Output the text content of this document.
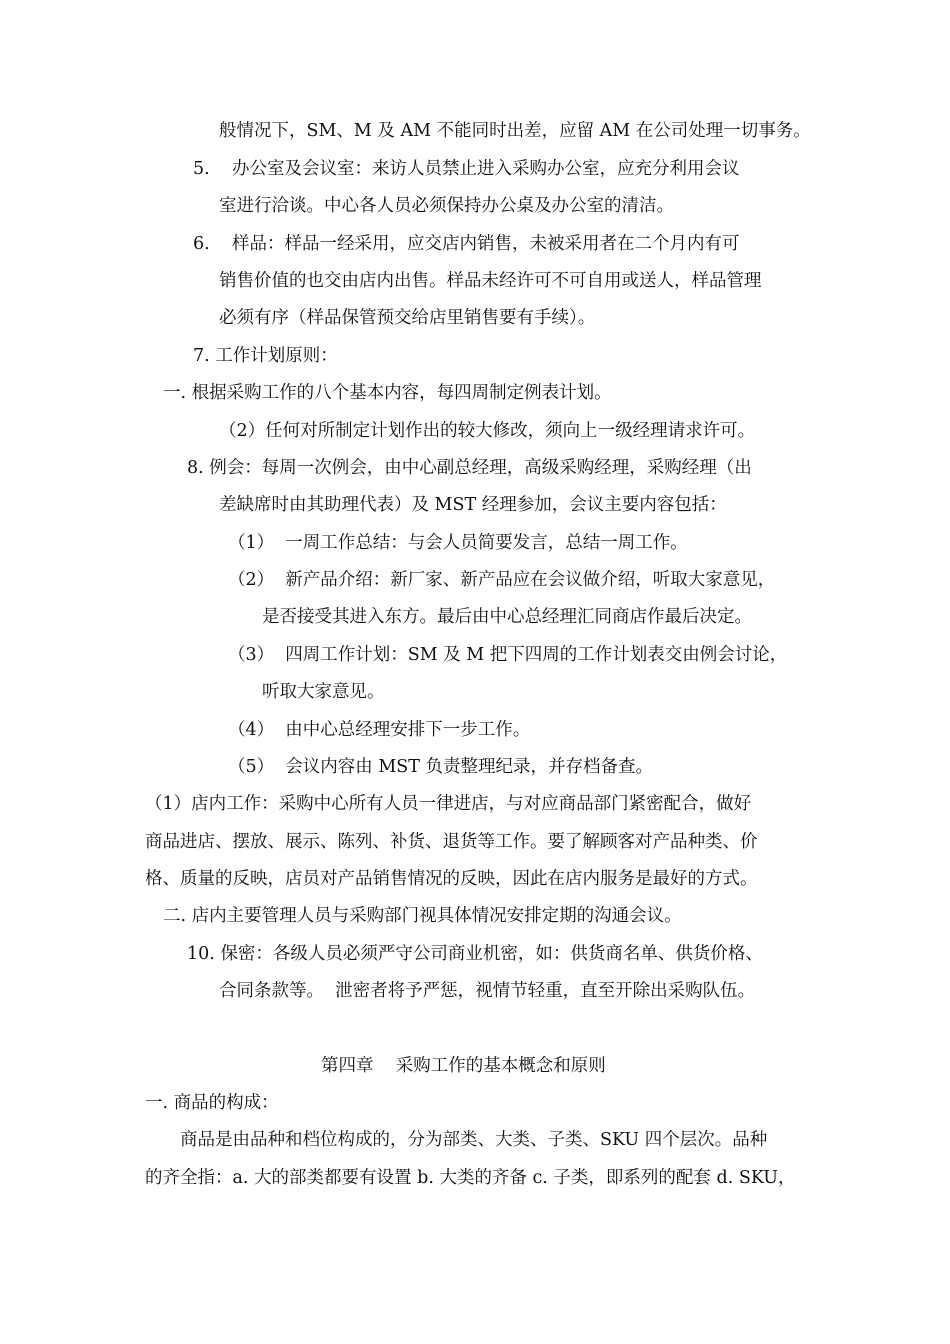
般情况下，SM、M 及 AM 不能同时出差，应留 AM 在公司处理一切事务。
5.    办公室及会议室：来访人员禁止进入采购办公室，应充分利用会议
室进行洽谈。中心各人员必须保持办公桌及办公室的清洁。
6.    样品：样品一经采用，应交店内销售，未被采用者在二个月内有可
销售价值的也交由店内出售。样品未经许可不可自用或送人，样品管理
必须有序（样品保管预交给店里销售要有手续）。
7. 工作计划原则：
一. 根据采购工作的八个基本内容，每四周制定例表计划。
（2）任何对所制定计划作出的较大修改，须向上一级经理请求许可。
8. 例会：每周一次例会，由中心副总经理，高级采购经理，采购经理（出
差缺席时由其助理代表）及 MST 经理参加，会议主要内容包括：
（1）  一周工作总结：与会人员简要发言，总结一周工作。
（2）  新产品介绍：新厂家、新产品应在会议做介绍，听取大家意见，
是否接受其进入东方。最后由中心总经理汇同商店作最后决定。
（3）  四周工作计划：SM 及 M 把下四周的工作计划表交由例会讨论，
听取大家意见。
（4）  由中心总经理安排下一步工作。
（5）  会议内容由 MST 负责整理纪录，并存档备查。
（1）店内工作：采购中心所有人员一律进店，与对应商品部门紧密配合，做好
商品进店、摆放、展示、陈列、补货、退货等工作。要了解顾客对产品种类、价
格、质量的反映，店员对产品销售情况的反映，因此在店内服务是最好的方式。
二. 店内主要管理人员与采购部门视具体情况安排定期的沟通会议。
10. 保密：各级人员必须严守公司商业机密，如：供货商名单、供货价格、
合同条款等。  泄密者将予严惩，视情节轻重，直至开除出采购队伍。
第四章    采购工作的基本概念和原则
一. 商品的构成：
商品是由品种和档位构成的，分为部类、大类、子类、SKU 四个层次。品种
的齐全指：a. 大的部类都要有设置 b. 大类的齐备 c. 子类，即系列的配套 d. SKU，
